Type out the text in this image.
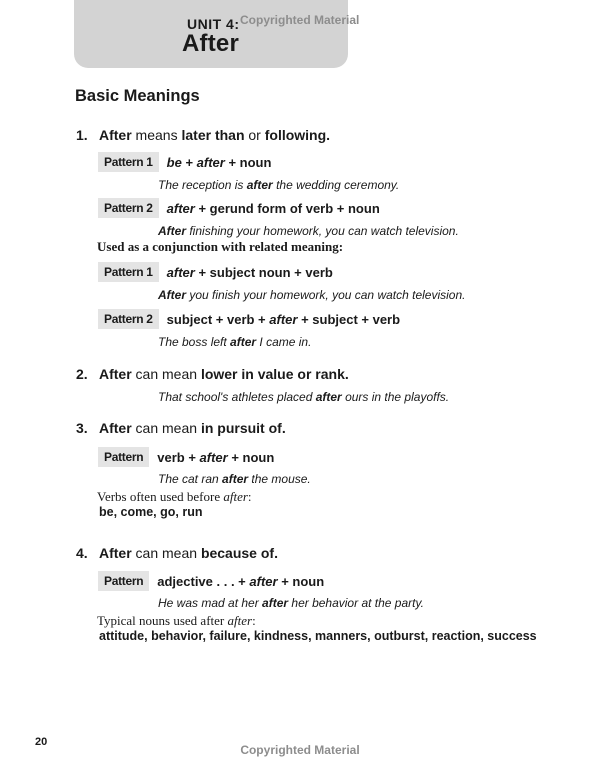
UNIT 4:
After
Copyrighted Material
Basic Meanings
1. After means later than or following.
Pattern 1	be + after + noun
The reception is after the wedding ceremony.
Pattern 2	after + gerund form of verb + noun
After finishing your homework, you can watch television.
Used as a conjunction with related meaning:
Pattern 1	after + subject noun + verb
After you finish your homework, you can watch television.
Pattern 2	subject + verb + after + subject + verb
The boss left after I came in.
2. After can mean lower in value or rank.
That school's athletes placed after ours in the playoffs.
3. After can mean in pursuit of.
Pattern	verb + after + noun
The cat ran after the mouse.
Verbs often used before after:
be, come, go, run
4. After can mean because of.
Pattern	adjective . . . + after + noun
He was mad at her after her behavior at the party.
Typical nouns used after after:
attitude, behavior, failure, kindness, manners, outburst, reaction, success
20
Copyrighted Material
